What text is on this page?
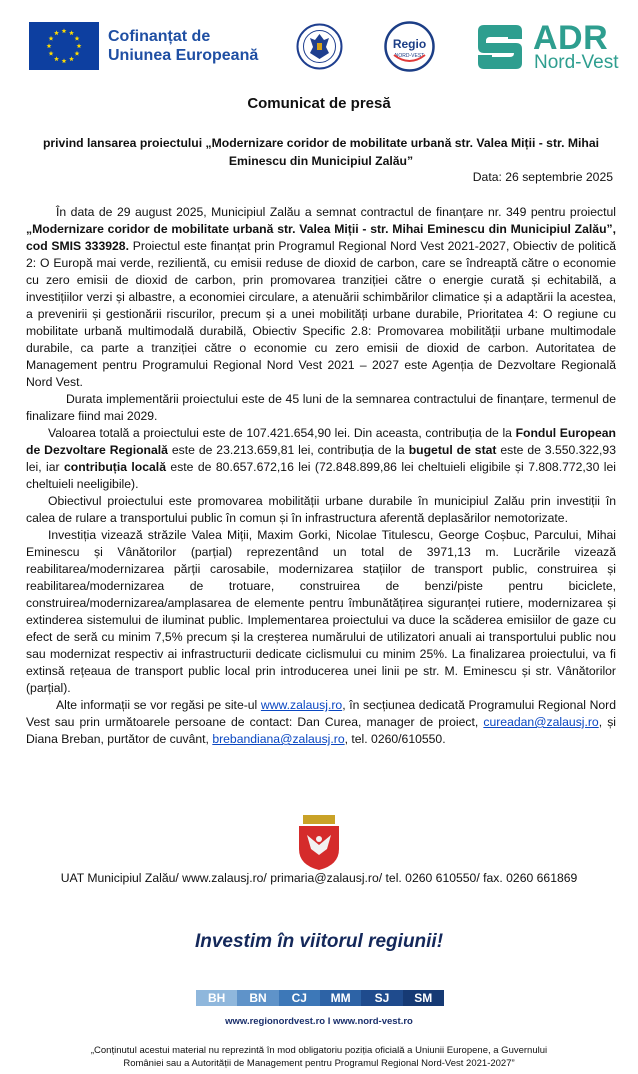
Cofinanțat de
Uniunea Europeană
Regio
NORD-VEST	ADR
Nord-Vest
Comunicat de presă
privind lansarea proiectului „Modernizare coridor de mobilitate urbană str. Valea Miții - str. Mihai
Eminescu din Municipiul Zalău”
Data: 26 septembrie 2025

În data de 29 august 2025, Municipiul Zalău a semnat contractul de finanțare nr. 349 pentru proiectul „Modernizare coridor de mobilitate urbană str. Valea Miții - str. Mihai Eminescu din Municipiul Zalău”, cod SMIS 333928. Proiectul este finanțat prin Programul Regional Nord Vest 2021-2027, Obiectiv de politică 2: O Europă mai verde, rezilientă, cu emisii reduse de dioxid de carbon, care se îndreaptă către o economie cu zero emisii de dioxid de carbon, prin promovarea tranziției către o energie curată și echitabilă, a investițiilor verzi și albastre, a economiei circulare, a atenuării schimbărilor climatice și a adaptării la acestea, a prevenirii și gestionării riscurilor, precum și a unei mobilități urbane durabile, Prioritatea 4: O regiune cu mobilitate urbană multimodală durabilă, Obiectiv Specific 2.8: Promovarea mobilității urbane multimodale durabile, ca parte a tranziției către o economie cu zero emisii de dioxid de carbon. Autoritatea de Management pentru Programului Regional Nord Vest 2021 – 2027 este Agenția de Dezvoltare Regională Nord Vest.

Durata implementării proiectului este de 45 luni de la semnarea contractului de finanțare, termenul de finalizare fiind mai 2029.

Valoarea totală a proiectului este de 107.421.654,90 lei. Din aceasta, contribuția de la Fondul European de Dezvoltare Regională este de 23.213.659,81 lei, contribuția de la bugetul de stat este de 3.550.322,93 lei, iar contribuția locală este de 80.657.672,16 lei (72.848.899,86 lei cheltuieli eligibile și 7.808.772,30 lei cheltuieli neeligibile).

Obiectivul proiectului este promovarea mobilității urbane durabile în municipiul Zalău prin investiții în calea de rulare a transportului public în comun și în infrastructura aferentă deplasărilor nemotorizate.

Investiția vizează străzile Valea Miții, Maxim Gorki, Nicolae Titulescu, George Coșbuc, Parcului, Mihai Eminescu și Vânătorilor (parțial) reprezentând un total de 3971,13 m. Lucrările vizează reabilitarea/modernizarea părții carosabile, modernizarea stațiilor de transport public, construirea și reabilitarea/modernizarea de trotuare, construirea de benzi/piste pentru biciclete, construirea/modernizarea/amplasarea de elemente pentru îmbunătățirea siguranței rutiere, modernizarea și extinderea sistemului de iluminat public. Implementarea proiectului va duce la scăderea emisiilor de gaze cu efect de seră cu minim 7,5% precum și la creșterea numărului de utilizatori anuali ai transportului public nou sau modernizat respectiv ai infrastructurii dedicate ciclismului cu minim 25%. La finalizarea proiectului, va fi extinsă rețeaua de transport public local prin introducerea unei linii pe str. M. Eminescu și str. Vânătorilor (parțial).

Alte informații se vor regăsi pe site-ul www.zalausj.ro, în secțiunea dedicată Programului Regional Nord Vest sau prin următoarele persoane de contact: Dan Curea, manager de proiect, cureadan@zalausj.ro, și Diana Breban, purtător de cuvânt, brebandiana@zalausj.ro, tel. 0260/610550.

UAT Municipiul Zalău/ www.zalausj.ro/ primaria@zalausj.ro/ tel. 0260 610550/ fax. 0260 661869
Investim în viitorul regiunii!
BH	BN	CJ	MM	SJ	SM
www.regionordvest.ro I www.nord-vest.ro
„Conținutul acestui material nu reprezintă în mod obligatoriu poziția oficială a Uniunii Europene, a Guvernului
României sau a Autorității de Management pentru Programul Regional Nord-Vest 2021-2027”
